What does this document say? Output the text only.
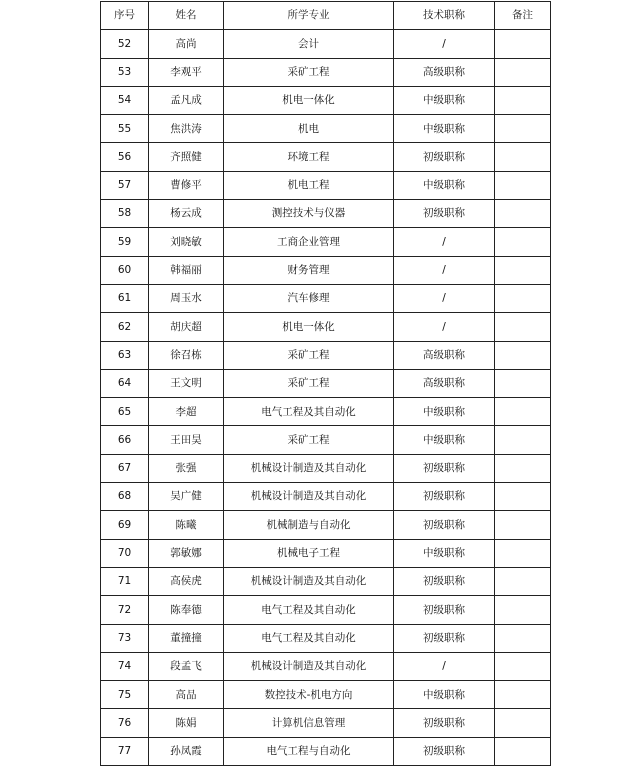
序号	姓名	所学专业	技术职称	备注
52	高尚	会计	/	
53	李观平	采矿工程	高级职称	
54	孟凡成	机电一体化	中级职称	
55	焦洪涛	机电	中级职称	
56	齐照健	环境工程	初级职称	
57	曹修平	机电工程	中级职称	
58	杨云成	测控技术与仪器	初级职称	
59	刘晓敏	工商企业管理	/	
60	韩福丽	财务管理	/	
61	周玉水	汽车修理	/	
62	胡庆超	机电一体化	/	
63	徐召栋	采矿工程	高级职称	
64	王文明	采矿工程	高级职称	
65	李超	电气工程及其自动化	中级职称	
66	王田昊	采矿工程	中级职称	
67	张强	机械设计制造及其自动化	初级职称	
68	吴广健	机械设计制造及其自动化	初级职称	
69	陈曦	机械制造与自动化	初级职称	
70	郭敏娜	机械电子工程	中级职称	
71	高侯虎	机械设计制造及其自动化	初级职称	
72	陈奉德	电气工程及其自动化	初级职称	
73	董撞撞	电气工程及其自动化	初级职称	
74	段孟飞	机械设计制造及其自动化	/	
75	高品	数控技术-机电方向	中级职称	
76	陈娟	计算机信息管理	初级职称	
77	孙凤霞	电气工程与自动化	初级职称	
